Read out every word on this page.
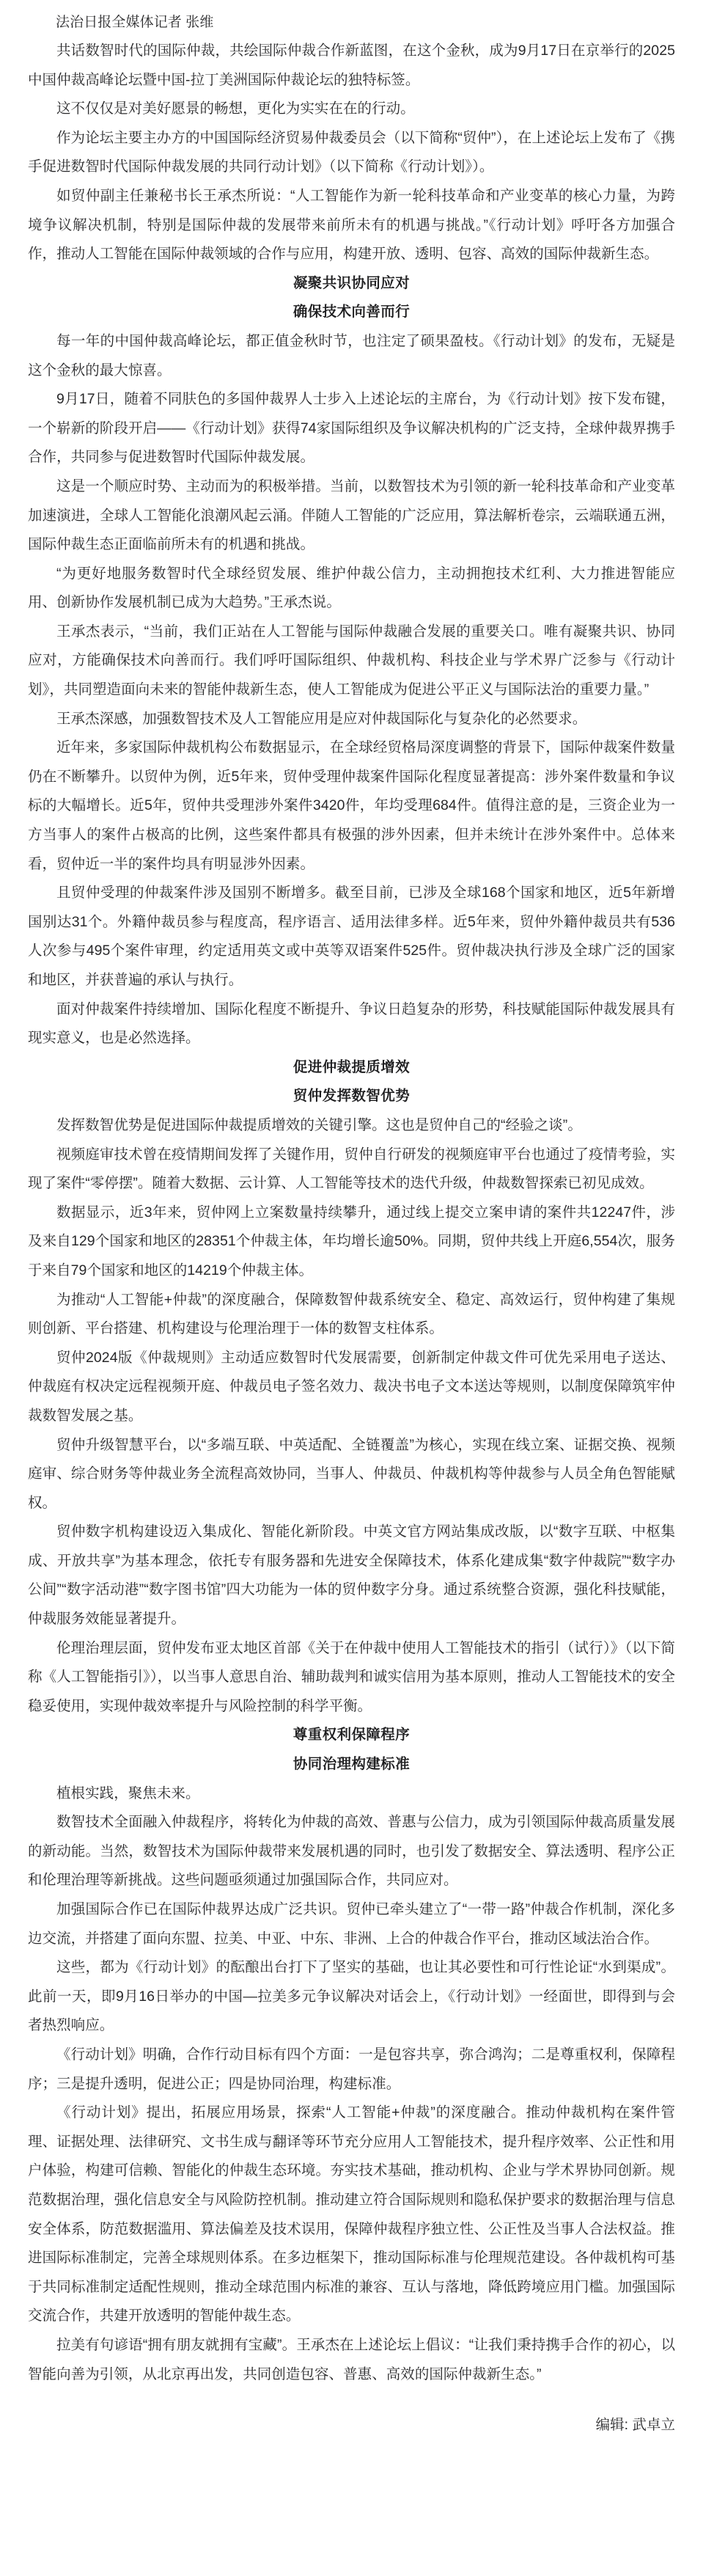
法治日报全媒体记者 张维

共话数智时代的国际仲裁，共绘国际仲裁合作新蓝图，在这个金秋，成为9月17日在京举行的2025中国仲裁高峰论坛暨中国-拉丁美洲国际仲裁论坛的独特标签。

这不仅仅是对美好愿景的畅想，更化为实实在在的行动。

作为论坛主要主办方的中国国际经济贸易仲裁委员会（以下简称“贸仲”），在上述论坛上发布了《携手促进数智时代国际仲裁发展的共同行动计划》（以下简称《行动计划》）。

如贸仲副主任兼秘书长王承杰所说：“人工智能作为新一轮科技革命和产业变革的核心力量，为跨境争议解决机制，特别是国际仲裁的发展带来前所未有的机遇与挑战。”《行动计划》呼吁各方加强合作，推动人工智能在国际仲裁领域的合作与应用，构建开放、透明、包容、高效的国际仲裁新生态。

凝聚共识协同应对
确保技术向善而行

每一年的中国仲裁高峰论坛，都正值金秋时节，也注定了硕果盈枝。《行动计划》的发布，无疑是这个金秋的最大惊喜。

9月17日，随着不同肤色的多国仲裁界人士步入上述论坛的主席台，为《行动计划》按下发布键，一个崭新的阶段开启——《行动计划》获得74家国际组织及争议解决机构的广泛支持，全球仲裁界携手合作，共同参与促进数智时代国际仲裁发展。

这是一个顺应时势、主动而为的积极举措。当前，以数智技术为引领的新一轮科技革命和产业变革加速演进，全球人工智能化浪潮风起云涌。伴随人工智能的广泛应用，算法解析卷宗，云端联通五洲，国际仲裁生态正面临前所未有的机遇和挑战。

“为更好地服务数智时代全球经贸发展、维护仲裁公信力，主动拥抱技术红利、大力推进智能应用、创新协作发展机制已成为大趋势。”王承杰说。

王承杰表示，“当前，我们正站在人工智能与国际仲裁融合发展的重要关口。唯有凝聚共识、协同应对，方能确保技术向善而行。我们呼吁国际组织、仲裁机构、科技企业与学术界广泛参与《行动计划》，共同塑造面向未来的智能仲裁新生态，使人工智能成为促进公平正义与国际法治的重要力量。”

王承杰深感，加强数智技术及人工智能应用是应对仲裁国际化与复杂化的必然要求。

近年来，多家国际仲裁机构公布数据显示，在全球经贸格局深度调整的背景下，国际仲裁案件数量仍在不断攀升。以贸仲为例，近5年来，贸仲受理仲裁案件国际化程度显著提高：涉外案件数量和争议标的大幅增长。近5年，贸仲共受理涉外案件3420件，年均受理684件。值得注意的是，三资企业为一方当事人的案件占极高的比例，这些案件都具有极强的涉外因素，但并未统计在涉外案件中。总体来看，贸仲近一半的案件均具有明显涉外因素。

且贸仲受理的仲裁案件涉及国别不断增多。截至目前，已涉及全球168个国家和地区，近5年新增国别达31个。外籍仲裁员参与程度高，程序语言、适用法律多样。近5年来，贸仲外籍仲裁员共有536人次参与495个案件审理，约定适用英文或中英等双语案件525件。贸仲裁决执行涉及全球广泛的国家和地区，并获普遍的承认与执行。

面对仲裁案件持续增加、国际化程度不断提升、争议日趋复杂的形势，科技赋能国际仲裁发展具有现实意义，也是必然选择。

促进仲裁提质增效
贸仲发挥数智优势

发挥数智优势是促进国际仲裁提质增效的关键引擎。这也是贸仲自己的“经验之谈”。

视频庭审技术曾在疫情期间发挥了关键作用，贸仲自行研发的视频庭审平台也通过了疫情考验，实现了案件“零停摆”。随着大数据、云计算、人工智能等技术的迭代升级，仲裁数智探索已初见成效。

数据显示，近3年来，贸仲网上立案数量持续攀升，通过线上提交立案申请的案件共12247件，涉及来自129个国家和地区的28351个仲裁主体，年均增长逾50%。同期，贸仲共线上开庭6,554次，服务于来自79个国家和地区的14219个仲裁主体。

为推动“人工智能+仲裁”的深度融合，保障数智仲裁系统安全、稳定、高效运行，贸仲构建了集规则创新、平台搭建、机构建设与伦理治理于一体的数智支柱体系。

贸仲2024版《仲裁规则》主动适应数智时代发展需要，创新制定仲裁文件可优先采用电子送达、仲裁庭有权决定远程视频开庭、仲裁员电子签名效力、裁决书电子文本送达等规则，以制度保障筑牢仲裁数智发展之基。

贸仲升级智慧平台，以“多端互联、中英适配、全链覆盖”为核心，实现在线立案、证据交换、视频庭审、综合财务等仲裁业务全流程高效协同，当事人、仲裁员、仲裁机构等仲裁参与人员全角色智能赋权。

贸仲数字机构建设迈入集成化、智能化新阶段。中英文官方网站集成改版，以“数字互联、中枢集成、开放共享”为基本理念，依托专有服务器和先进安全保障技术，体系化建成集“数字仲裁院”“数字办公间”“数字活动港”“数字图书馆”四大功能为一体的贸仲数字分身。通过系统整合资源，强化科技赋能，仲裁服务效能显著提升。

伦理治理层面，贸仲发布亚太地区首部《关于在仲裁中使用人工智能技术的指引（试行）》（以下简称《人工智能指引》），以当事人意思自治、辅助裁判和诚实信用为基本原则，推动人工智能技术的安全稳妥使用，实现仲裁效率提升与风险控制的科学平衡。

尊重权利保障程序
协同治理构建标准

植根实践，聚焦未来。

数智技术全面融入仲裁程序，将转化为仲裁的高效、普惠与公信力，成为引领国际仲裁高质量发展的新动能。当然，数智技术为国际仲裁带来发展机遇的同时，也引发了数据安全、算法透明、程序公正和伦理治理等新挑战。这些问题亟须通过加强国际合作，共同应对。

加强国际合作已在国际仲裁界达成广泛共识。贸仲已牵头建立了“一带一路”仲裁合作机制，深化多边交流，并搭建了面向东盟、拉美、中亚、中东、非洲、上合的仲裁合作平台，推动区域法治合作。

这些，都为《行动计划》的酝酿出台打下了坚实的基础，也让其必要性和可行性论证“水到渠成”。此前一天，即9月16日举办的中国—拉美多元争议解决对话会上，《行动计划》一经面世，即得到与会者热烈响应。

《行动计划》明确，合作行动目标有四个方面：一是包容共享，弥合鸿沟；二是尊重权利，保障程序；三是提升透明，促进公正；四是协同治理，构建标准。

《行动计划》提出，拓展应用场景，探索“人工智能+仲裁”的深度融合。推动仲裁机构在案件管理、证据处理、法律研究、文书生成与翻译等环节充分应用人工智能技术，提升程序效率、公正性和用户体验，构建可信赖、智能化的仲裁生态环境。夯实技术基础，推动机构、企业与学术界协同创新。规范数据治理，强化信息安全与风险防控机制。推动建立符合国际规则和隐私保护要求的数据治理与信息安全体系，防范数据滥用、算法偏差及技术误用，保障仲裁程序独立性、公正性及当事人合法权益。推进国际标准制定，完善全球规则体系。在多边框架下，推动国际标准与伦理规范建设。各仲裁机构可基于共同标准制定适配性规则，推动全球范围内标准的兼容、互认与落地，降低跨境应用门槛。加强国际交流合作，共建开放透明的智能仲裁生态。

拉美有句谚语“拥有朋友就拥有宝藏”。王承杰在上述论坛上倡议：“让我们秉持携手合作的初心，以智能向善为引领，从北京再出发，共同创造包容、普惠、高效的国际仲裁新生态。”

编辑: 武卓立
